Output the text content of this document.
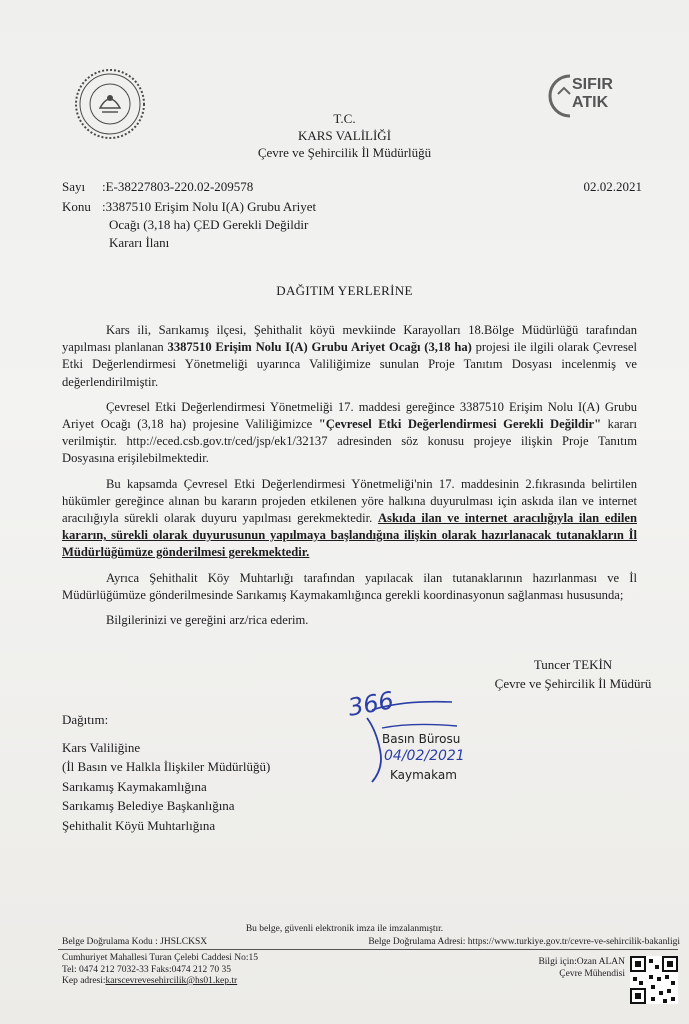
SIFIR
ATIK
T.C.
KARS VALİLİĞİ
Çevre ve Şehircilik İl Müdürlüğü
Sayı	:E-38227803-220.02-209578	02.02.2021
Konu :3387510 Erişim Nolu I(A) Grubu Ariyet
Ocağı (3,18 ha) ÇED Gerekli Değildir
Kararı İlanı
DAĞITIM YERLERİNE

Kars ili, Sarıkamış ilçesi, Şehithalit köyü mevkiinde Karayolları 18.Bölge Müdürlüğü tarafından yapılması planlanan 3387510 Erişim Nolu I(A) Grubu Ariyet Ocağı (3,18 ha) projesi ile ilgili olarak Çevresel Etki Değerlendirmesi Yönetmeliği uyarınca Valiliğimize sunulan Proje Tanıtım Dosyası incelenmiş ve değerlendirilmiştir.

Çevresel Etki Değerlendirmesi Yönetmeliği 17. maddesi gereğince 3387510 Erişim Nolu I(A) Grubu Ariyet Ocağı (3,18 ha) projesine Valiliğimizce "Çevresel Etki Değerlendirmesi Gerekli Değildir" kararı verilmiştir. http://eced.csb.gov.tr/ced/jsp/ek1/32137 adresinden söz konusu projeye ilişkin Proje Tanıtım Dosyasına erişilebilmektedir.

Bu kapsamda Çevresel Etki Değerlendirmesi Yönetmeliği'nin 17. maddesinin 2.fıkrasında belirtilen hükümler gereğince alınan bu kararın projeden etkilenen yöre halkına duyurulması için askıda ilan ve internet aracılığıyla sürekli olarak duyuru yapılması gerekmektedir. Askıda ilan ve internet aracılığıyla ilan edilen kararın, sürekli olarak duyurusunun yapılmaya başlandığına ilişkin olarak hazırlanacak tutanakların İl Müdürlüğümüze gönderilmesi gerekmektedir.

Ayrıca Şehithalit Köy Muhtarlığı tarafından yapılacak ilan tutanaklarının hazırlanması ve İl Müdürlüğümüze gönderilmesinde Sarıkamış Kaymakamlığınca gerekli koordinasyonun sağlanması hususunda;

Bilgilerinizi ve gereğini arz/rica ederim.

Tuncer TEKİN
Çevre ve Şehircilik İl Müdürü
Dağıtım:
Kars Valiliğine
(İl Basın ve Halkla İlişkiler Müdürlüğü)
Sarıkamış Kaymakamlığına
Sarıkamış Belediye Başkanlığına
Şehithalit Köyü Muhtarlığına
366
Basın Bürosu
04/02/2021
Kaymakam
Bu belge, güvenli elektronik imza ile imzalanmıştır.
Belge Doğrulama Kodu : JHSLCKSX	Belge Doğrulama Adresi: https://www.turkiye.gov.tr/cevre-ve-sehircilik-bakanligi
Cumhuriyet Mahallesi Turan Çelebi Caddesi No:15
Tel: 0474 212 7032-33 Faks:0474 212 70 35
Kep adresi:karscevrevesehircilik@hs01.kep.tr
Bilgi için:Ozan ALAN
Çevre Mühendisi
